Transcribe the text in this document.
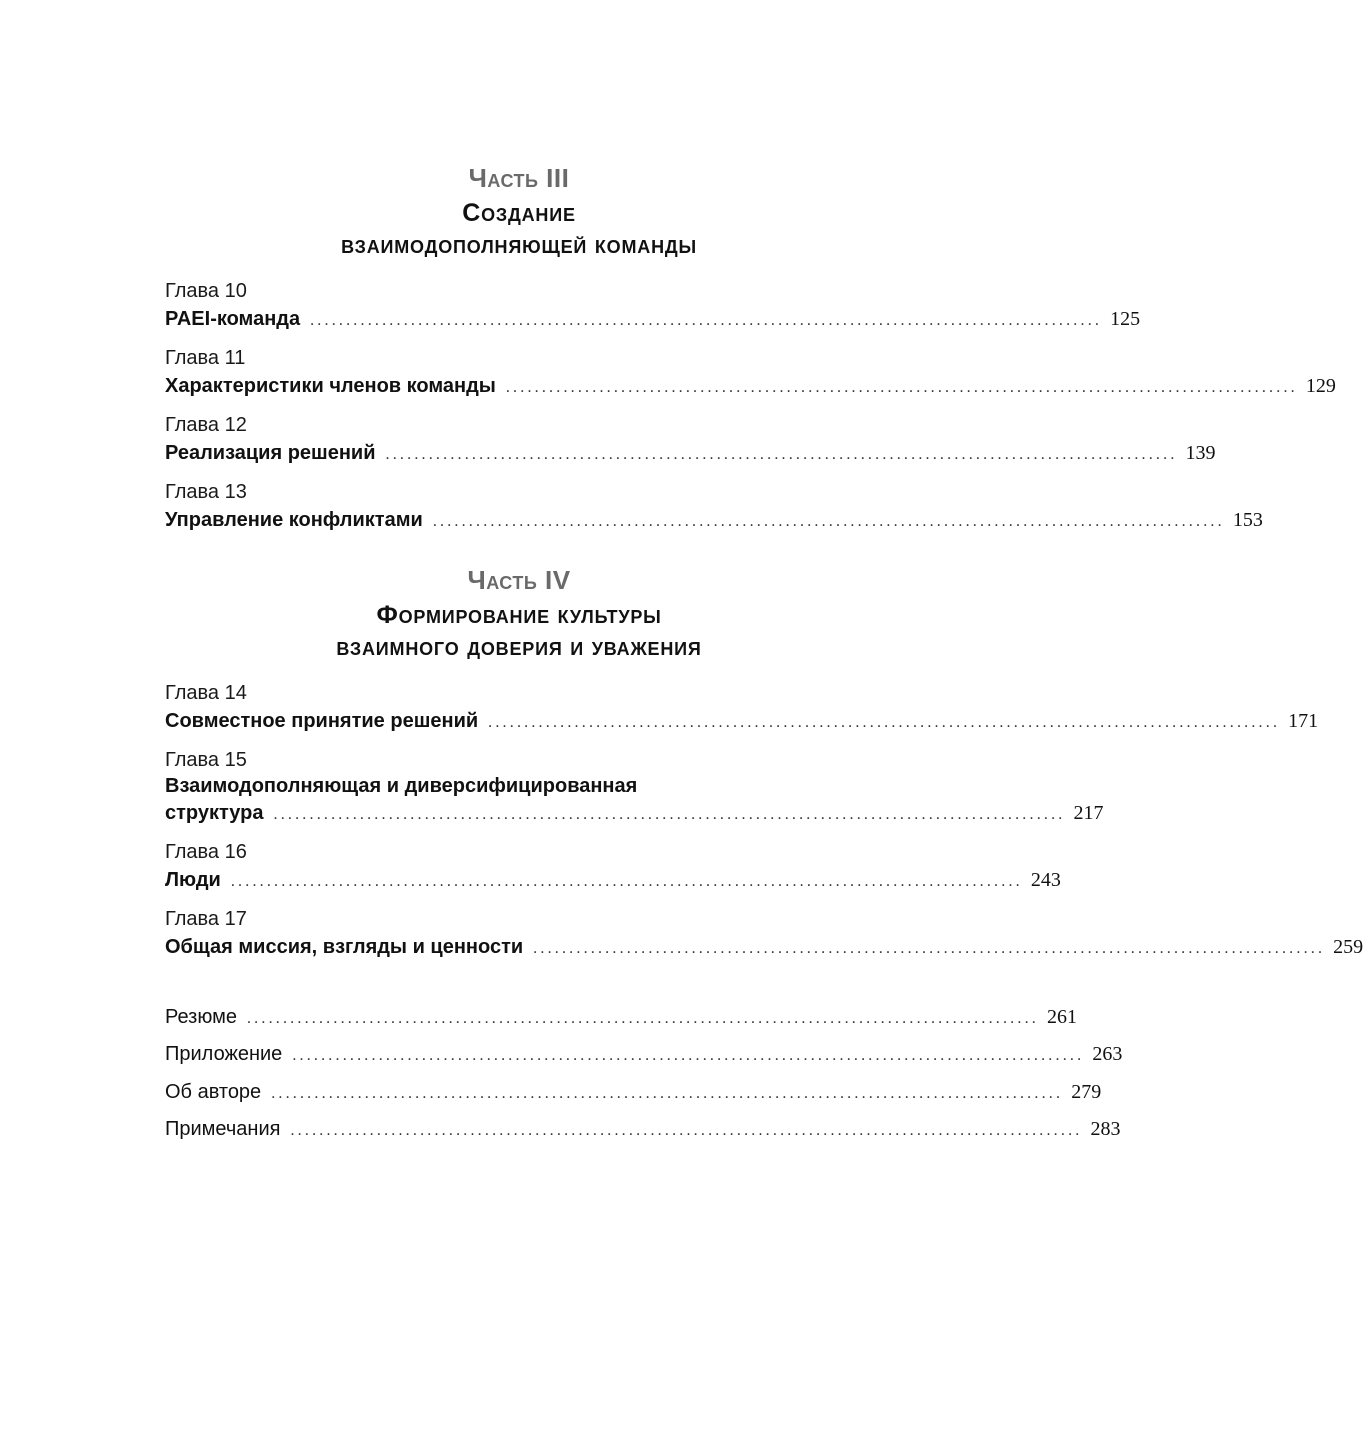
Часть III
Создание
взаимодополняющей команды
Глава 10
PAEI-команда .............................................................................................................. 125
Глава 11
Характеристики членов команды .............................................................................................................. 129
Глава 12
Реализация решений .............................................................................................................. 139
Глава 13
Управление конфликтами .............................................................................................................. 153
Часть IV
Формирование культуры
взаимного доверия и уважения
Глава 14
Совместное принятие решений .............................................................................................................. 171
Глава 15
Взаимодополняющая и диверсифицированная
структура .............................................................................................................. 217
Глава 16
Люди .............................................................................................................. 243
Глава 17
Общая миссия, взгляды и ценности .............................................................................................................. 259
Резюме .............................................................................................................. 261
Приложение .............................................................................................................. 263
Об авторе .............................................................................................................. 279
Примечания .............................................................................................................. 283
